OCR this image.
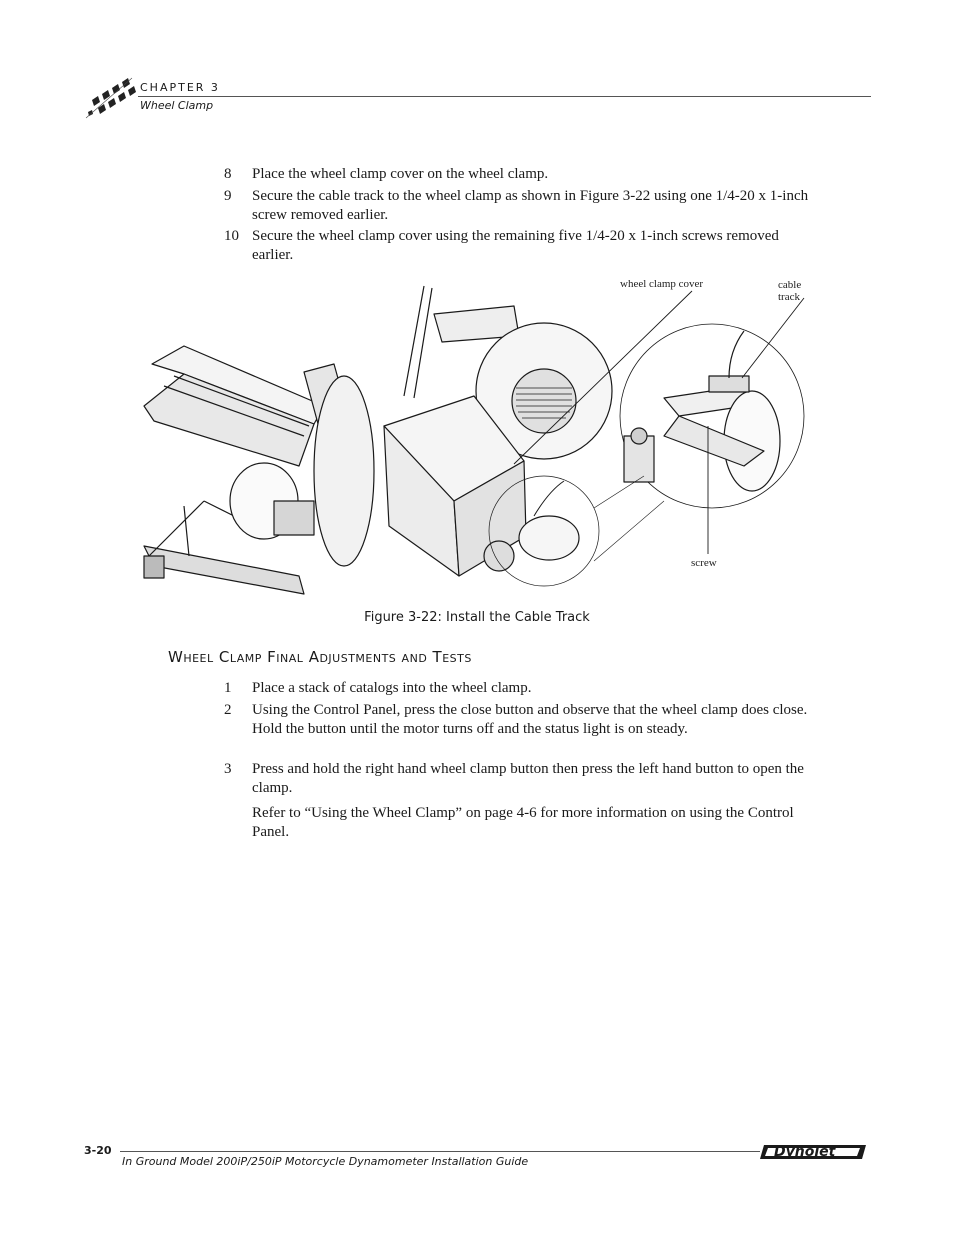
CHAPTER 3
Wheel Clamp
8 Place the wheel clamp cover on the wheel clamp.
9 Secure the cable track to the wheel clamp as shown in Figure 3-22 using one 1/4-20 x 1-inch screw removed earlier.
10 Secure the wheel clamp cover using the remaining five 1/4-20 x 1-inch screws removed earlier.
wheel clamp cover	cable track
screw
Figure 3-22: Install the Cable Track
Wheel Clamp Final Adjustments and Tests
1 Place a stack of catalogs into the wheel clamp.
2 Using the Control Panel, press the close button and observe that the wheel clamp does close. Hold the button until the motor turns off and the status light is on steady.
3 Press and hold the right hand wheel clamp button then press the left hand button to open the clamp.
Refer to “Using the Wheel Clamp” on page 4-6 for more information on using the Control Panel.
3-20
In Ground Model 200iP/250iP Motorcycle Dynamometer Installation Guide
Dynojet
